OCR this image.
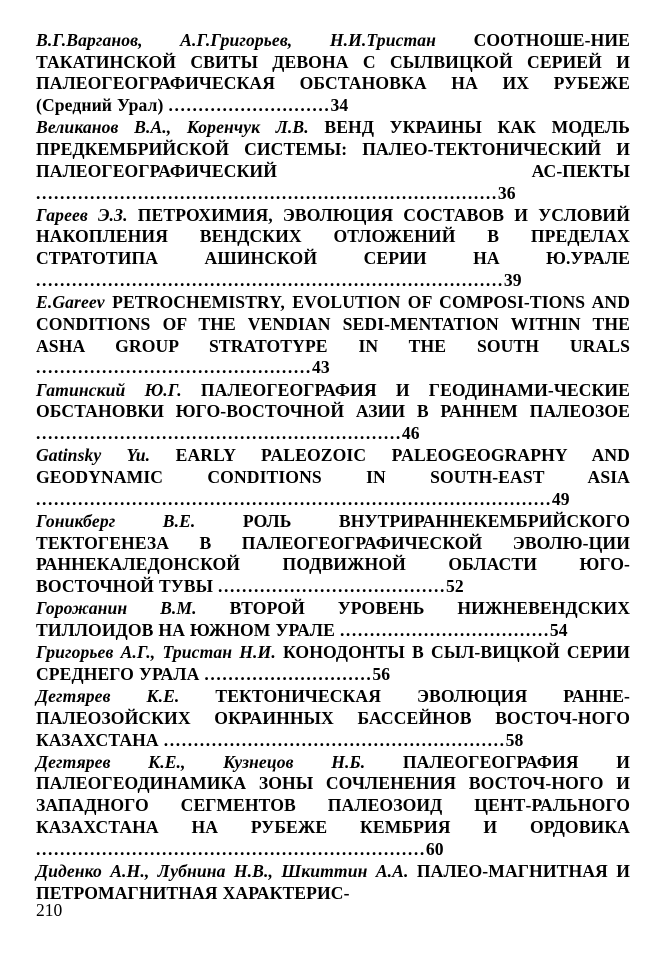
В.Г.Варганов, А.Г.Григорьев, Н.И.Тристан СООТНОШЕ-НИЕ ТАКАТИНСКОЙ СВИТЫ ДЕВОНА С СЫЛВИЦКОЙ СЕРИЕЙ И ПАЛЕОГЕОГРАФИЧЕСКАЯ ОБСТАНОВКА НА ИХ РУБЕЖЕ (Средний Урал) ...........................34

Великанов В.А., Коренчук Л.В. ВЕНД УКРАИНЫ КАК МОДЕЛЬ ПРЕДКЕМБРИЙСКОЙ СИСТЕМЫ: ПАЛЕО-ТЕКТОНИЧЕСКИЙ И ПАЛЕОГЕОГРАФИЧЕСКИЙ АС-ПЕКТЫ .............................................................................36

Гареев Э.З. ПЕТРОХИМИЯ, ЭВОЛЮЦИЯ СОСТАВОВ И УСЛОВИЙ НАКОПЛЕНИЯ ВЕНДСКИХ ОТЛОЖЕНИЙ В ПРЕДЕЛАХ СТРАТОТИПА АШИНСКОЙ СЕРИИ НА Ю.УРАЛЕ ..............................................................................39

E.Gareev PETROCHEMISTRY, EVOLUTION OF COMPOSI-TIONS AND CONDITIONS OF THE VENDIAN SEDI-MENTATION WITHIN THE ASHA GROUP STRATOTYPE IN THE SOUTH URALS ..............................................43

Гатинский Ю.Г. ПАЛЕОГЕОГРАФИЯ И ГЕОДИНАМИ-ЧЕСКИЕ ОБСТАНОВКИ ЮГО-ВОСТОЧНОЙ АЗИИ В РАННЕМ ПАЛЕОЗОЕ .............................................................46

Gatinsky Yu. EARLY PALEOZOIC PALEOGEOGRAPHY AND GEODYNAMIC CONDITIONS IN SOUTH-EAST ASIA ......................................................................................49

Гоникберг В.Е. РОЛЬ ВНУТРИРАННЕКЕМБРИЙСКОГО ТЕКТОГЕНЕЗА В ПАЛЕОГЕОГРАФИЧЕСКОЙ ЭВОЛЮ-ЦИИ РАННЕКАЛЕДОНСКОЙ ПОДВИЖНОЙ ОБЛАСТИ ЮГО-ВОСТОЧНОЙ ТУВЫ ......................................52

Горожанин В.М. ВТОРОЙ УРОВЕНЬ НИЖНЕВЕНДСКИХ ТИЛЛОИДОВ НА ЮЖНОМ УРАЛЕ ...................................54

Григорьев А.Г., Тристан Н.И. КОНОДОНТЫ В СЫЛ-ВИЦКОЙ СЕРИИ СРЕДНЕГО УРАЛА ............................56

Дегтярев К.Е. ТЕКТОНИЧЕСКАЯ ЭВОЛЮЦИЯ РАННЕ-ПАЛЕОЗОЙСКИХ ОКРАИННЫХ БАССЕЙНОВ ВОСТОЧ-НОГО КАЗАХСТАНА .........................................................58

Дегтярев К.Е., Кузнецов Н.Б. ПАЛЕОГЕОГРАФИЯ И ПАЛЕОГЕОДИНАМИКА ЗОНЫ СОЧЛЕНЕНИЯ ВОСТОЧ-НОГО И ЗАПАДНОГО СЕГМЕНТОВ ПАЛЕОЗОИД ЦЕНТ-РАЛЬНОГО КАЗАХСТАНА НА РУБЕЖЕ КЕМБРИЯ И ОРДОВИКА .................................................................60

Диденко А.Н., Лубнина Н.В., Шкиттин А.А. ПАЛЕО-МАГНИТНАЯ И ПЕТРОМАГНИТНАЯ ХАРАКТЕРИС-

210
